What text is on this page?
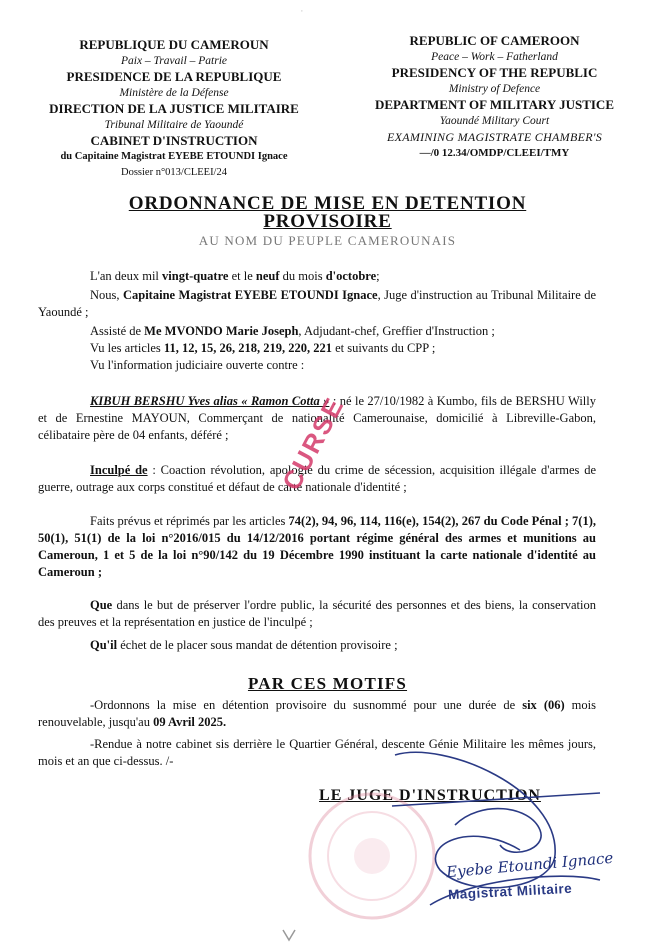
REPUBLIQUE DU CAMEROUN
Paix – Travail – Patrie
PRESIDENCE DE LA REPUBLIQUE
Ministère de la Défense
DIRECTION DE LA JUSTICE MILITAIRE
Tribunal Militaire de Yaoundé
CABINET D'INSTRUCTION
du Capitaine Magistrat EYEBE ETOUNDI Ignace
Dossier n°013/CLEEI/24
REPUBLIC OF CAMEROON
Peace – Work – Fatherland
PRESIDENCY OF THE REPUBLIC
Ministry of Defence
DEPARTMENT OF MILITARY JUSTICE
Yaoundé Military Court
EXAMINING MAGISTRATE CHAMBER'S
—/0 12.34/OMDP/CLEEI/TMY
ORDONNANCE DE MISE EN DETENTION
PROVISOIRE
AU NOM DU PEUPLE CAMEROUNAIS
L'an deux mil vingt-quatre et le neuf du mois d'octobre;
Nous, Capitaine Magistrat EYEBE ETOUNDI Ignace, Juge d'instruction au Tribunal Militaire de Yaoundé ;
Assisté de Me MVONDO Marie Joseph, Adjudant-chef, Greffier d'Instruction ;
Vu les articles 11, 12, 15, 26, 218, 219, 220, 221 et suivants du CPP ;
Vu l'information judiciaire ouverte contre :
KIBUH BERSHU Yves alias « Ramon Cotta » : né le 27/10/1982 à Kumbo, fils de BERSHU Willy et de Ernestine MAYOUN, Commerçant de nationalité Camerounaise, domicilié à Libreville-Gabon, célibataire père de 04 enfants, déféré ;
Inculpé de : Coaction révolution, apologie du crime de sécession, acquisition illégale d'armes de guerre, outrage aux corps constitué et défaut de carte nationale d'identité ;
Faits prévus et réprimés par les articles 74(2), 94, 96, 114, 116(e), 154(2), 267 du Code Pénal ; 7(1), 50(1), 51(1) de la loi n°2016/015 du 14/12/2016 portant régime général des armes et munitions au Cameroun, 1 et 5 de la loi n°90/142 du 19 Décembre 1990 instituant la carte nationale d'identité au Cameroun ;
Que dans le but de préserver l'ordre public, la sécurité des personnes et des biens, la conservation des preuves et la représentation en justice de l'inculpé ;
Qu'il échet de le placer sous mandat de détention provisoire ;
PAR CES MOTIFS
-Ordonnons la mise en détention provisoire du susnommé pour une durée de six (06) mois renouvelable, jusqu'au 09 Avril 2025.
-Rendue à notre cabinet sis derrière le Quartier Général, descente Génie Militaire les mêmes jours, mois et an que ci-dessus. /-
LE JUGE D'INSTRUCTION
·
CURSE
Eyebe Etoundi Ignace
Magistrat Militaire
